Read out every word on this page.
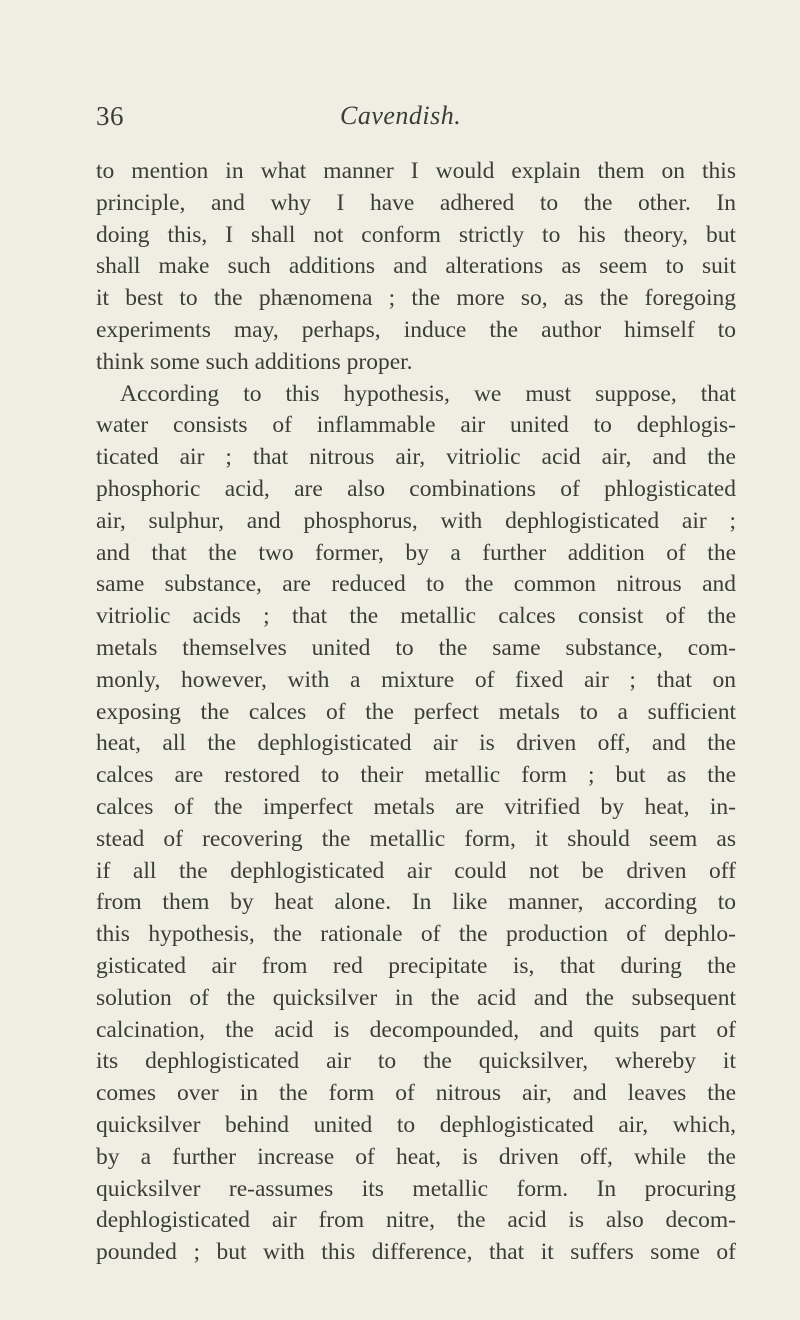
36	Cavendish.
to mention in what manner I would explain them on this
principle, and why I have adhered to the other. In
doing this, I shall not conform strictly to his theory, but
shall make such additions and alterations as seem to suit
it best to the phænomena ; the more so, as the foregoing
experiments may, perhaps, induce the author himself to
think some such additions proper.
According to this hypothesis, we must suppose, that
water consists of inflammable air united to dephlogis-
ticated air ; that nitrous air, vitriolic acid air, and the
phosphoric acid, are also combinations of phlogisticated
air, sulphur, and phosphorus, with dephlogisticated air ;
and that the two former, by a further addition of the
same substance, are reduced to the common nitrous and
vitriolic acids ; that the metallic calces consist of the
metals themselves united to the same substance, com-
monly, however, with a mixture of fixed air ; that on
exposing the calces of the perfect metals to a sufficient
heat, all the dephlogisticated air is driven off, and the
calces are restored to their metallic form ; but as the
calces of the imperfect metals are vitrified by heat, in-
stead of recovering the metallic form, it should seem as
if all the dephlogisticated air could not be driven off
from them by heat alone. In like manner, according to
this hypothesis, the rationale of the production of dephlo-
gisticated air from red precipitate is, that during the
solution of the quicksilver in the acid and the subsequent
calcination, the acid is decompounded, and quits part of
its dephlogisticated air to the quicksilver, whereby it
comes over in the form of nitrous air, and leaves the
quicksilver behind united to dephlogisticated air, which,
by a further increase of heat, is driven off, while the
quicksilver re-assumes its metallic form. In procuring
dephlogisticated air from nitre, the acid is also decom-
pounded ; but with this difference, that it suffers some of
